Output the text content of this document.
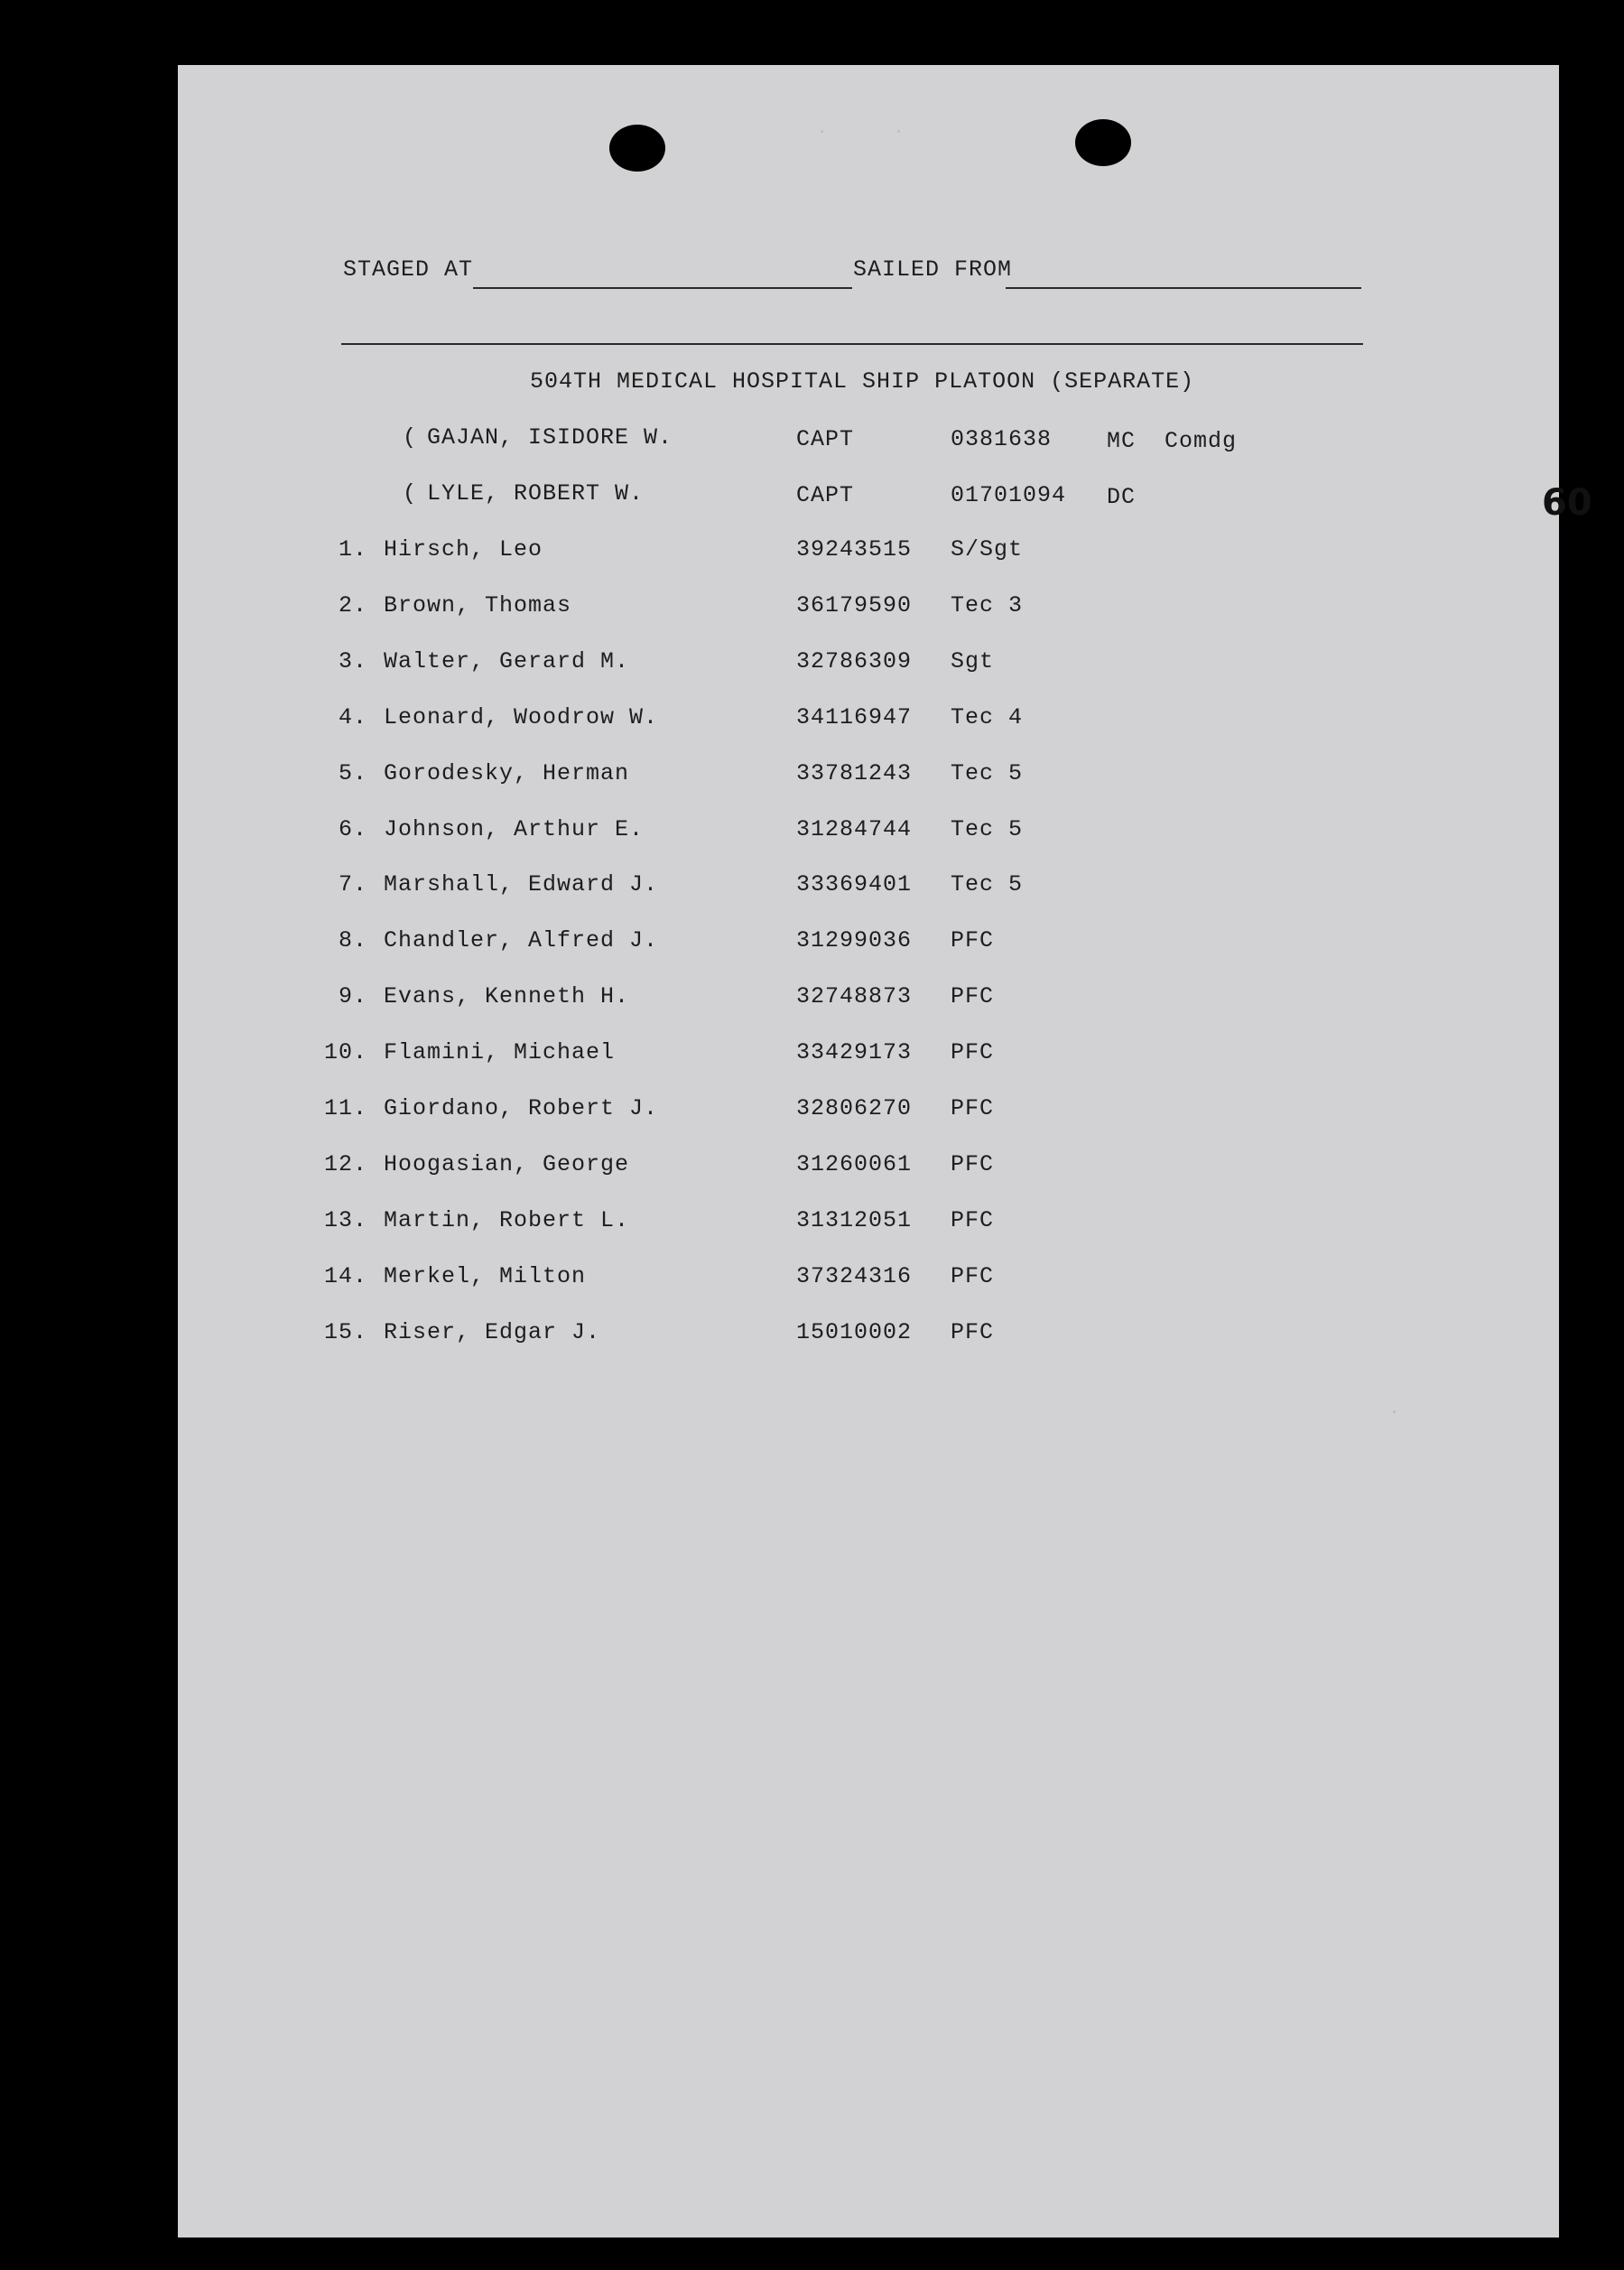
STAGED AT	SAILED FROM
504TH MEDICAL HOSPITAL SHIP PLATOON (SEPARATE)
60
( GAJAN, ISIDORE W.	CAPT	0381638 MC Comdg
( LYLE, ROBERT W.	CAPT	01701094 DC
1. Hirsch, Leo	39243515 S/Sgt
2. Brown, Thomas	36179590 Tec 3
3. Walter, Gerard M.	32786309 Sgt
4. Leonard, Woodrow W.	34116947 Tec 4
5. Gorodesky, Herman	33781243 Tec 5
6. Johnson, Arthur E.	31284744 Tec 5
7. Marshall, Edward J.	33369401 Tec 5
8. Chandler, Alfred J.	31299036 PFC
9. Evans, Kenneth H.	32748873 PFC
10. Flamini, Michael	33429173 PFC
11. Giordano, Robert J.	32806270 PFC
12. Hoogasian, George	31260061 PFC
13. Martin, Robert L.	31312051 PFC
14. Merkel, Milton	37324316 PFC
15. Riser, Edgar J.	15010002 PFC
